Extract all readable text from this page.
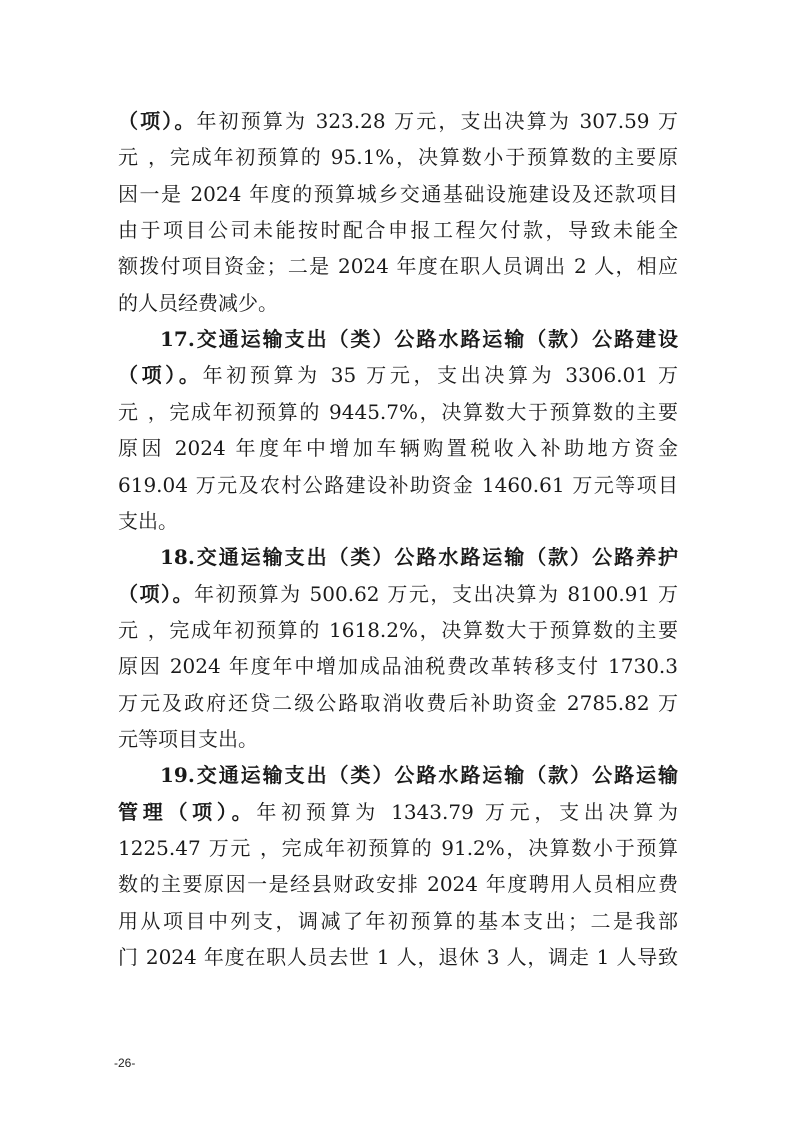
（项）。年初预算为 323.28 万元，支出决算为 307.59 万
元 ，完成年初预算的 95.1%，决算数小于预算数的主要原
因一是 2024 年度的预算城乡交通基础设施建设及还款项目
由于项目公司未能按时配合申报工程欠付款，导致未能全
额拨付项目资金；二是 2024 年度在职人员调出 2 人，相应
的人员经费减少。
17.交通运输支出（类）公路水路运输（款）公路建设
（项）。年初预算为 35 万元，支出决算为 3306.01 万
元 ，完成年初预算的 9445.7%，决算数大于预算数的主要
原因 2024 年度年中增加车辆购置税收入补助地方资金
619.04 万元及农村公路建设补助资金 1460.61 万元等项目
支出。
18.交通运输支出（类）公路水路运输（款）公路养护
（项）。年初预算为 500.62 万元，支出决算为 8100.91 万
元 ，完成年初预算的 1618.2%，决算数大于预算数的主要
原因 2024 年度年中增加成品油税费改革转移支付 1730.3
万元及政府还贷二级公路取消收费后补助资金 2785.82 万
元等项目支出。
19.交通运输支出（类）公路水路运输（款）公路运输
管理（项）。年初预算为 1343.79 万元，支出决算为
1225.47 万元 ，完成年初预算的 91.2%，决算数小于预算
数的主要原因一是经县财政安排 2024 年度聘用人员相应费
用从项目中列支，调减了年初预算的基本支出；二是我部
门 2024 年度在职人员去世 1 人，退休 3 人，调走 1 人导致
-26-
